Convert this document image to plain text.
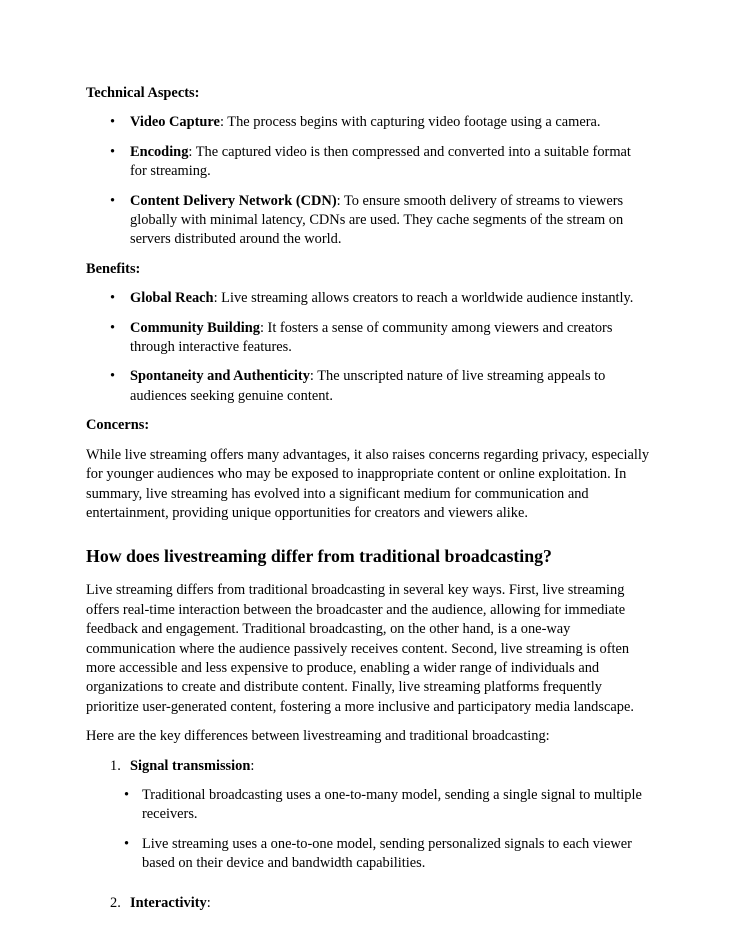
Technical Aspects:

•	Video Capture: The process begins with capturing video footage using a camera.
•	Encoding: The captured video is then compressed and converted into a suitable format for streaming.
•	Content Delivery Network (CDN): To ensure smooth delivery of streams to viewers globally with minimal latency, CDNs are used. They cache segments of the stream on servers distributed around the world.

Benefits:

•	Global Reach: Live streaming allows creators to reach a worldwide audience instantly.
•	Community Building: It fosters a sense of community among viewers and creators through interactive features.
•	Spontaneity and Authenticity: The unscripted nature of live streaming appeals to audiences seeking genuine content.

Concerns:

While live streaming offers many advantages, it also raises concerns regarding privacy, especially for younger audiences who may be exposed to inappropriate content or online exploitation. In summary, live streaming has evolved into a significant medium for communication and entertainment, providing unique opportunities for creators and viewers alike.

How does livestreaming differ from traditional broadcasting?

Live streaming differs from traditional broadcasting in several key ways. First, live streaming offers real-time interaction between the broadcaster and the audience, allowing for immediate feedback and engagement. Traditional broadcasting, on the other hand, is a one-way communication where the audience passively receives content. Second, live streaming is often more accessible and less expensive to produce, enabling a wider range of individuals and organizations to create and distribute content. Finally, live streaming platforms frequently prioritize user-generated content, fostering a more inclusive and participatory media landscape.

Here are the key differences between livestreaming and traditional broadcasting:

1. Signal transmission:
• Traditional broadcasting uses a one-to-many model, sending a single signal to multiple receivers.
• Live streaming uses a one-to-one model, sending personalized signals to each viewer based on their device and bandwidth capabilities.
2. Interactivity:
